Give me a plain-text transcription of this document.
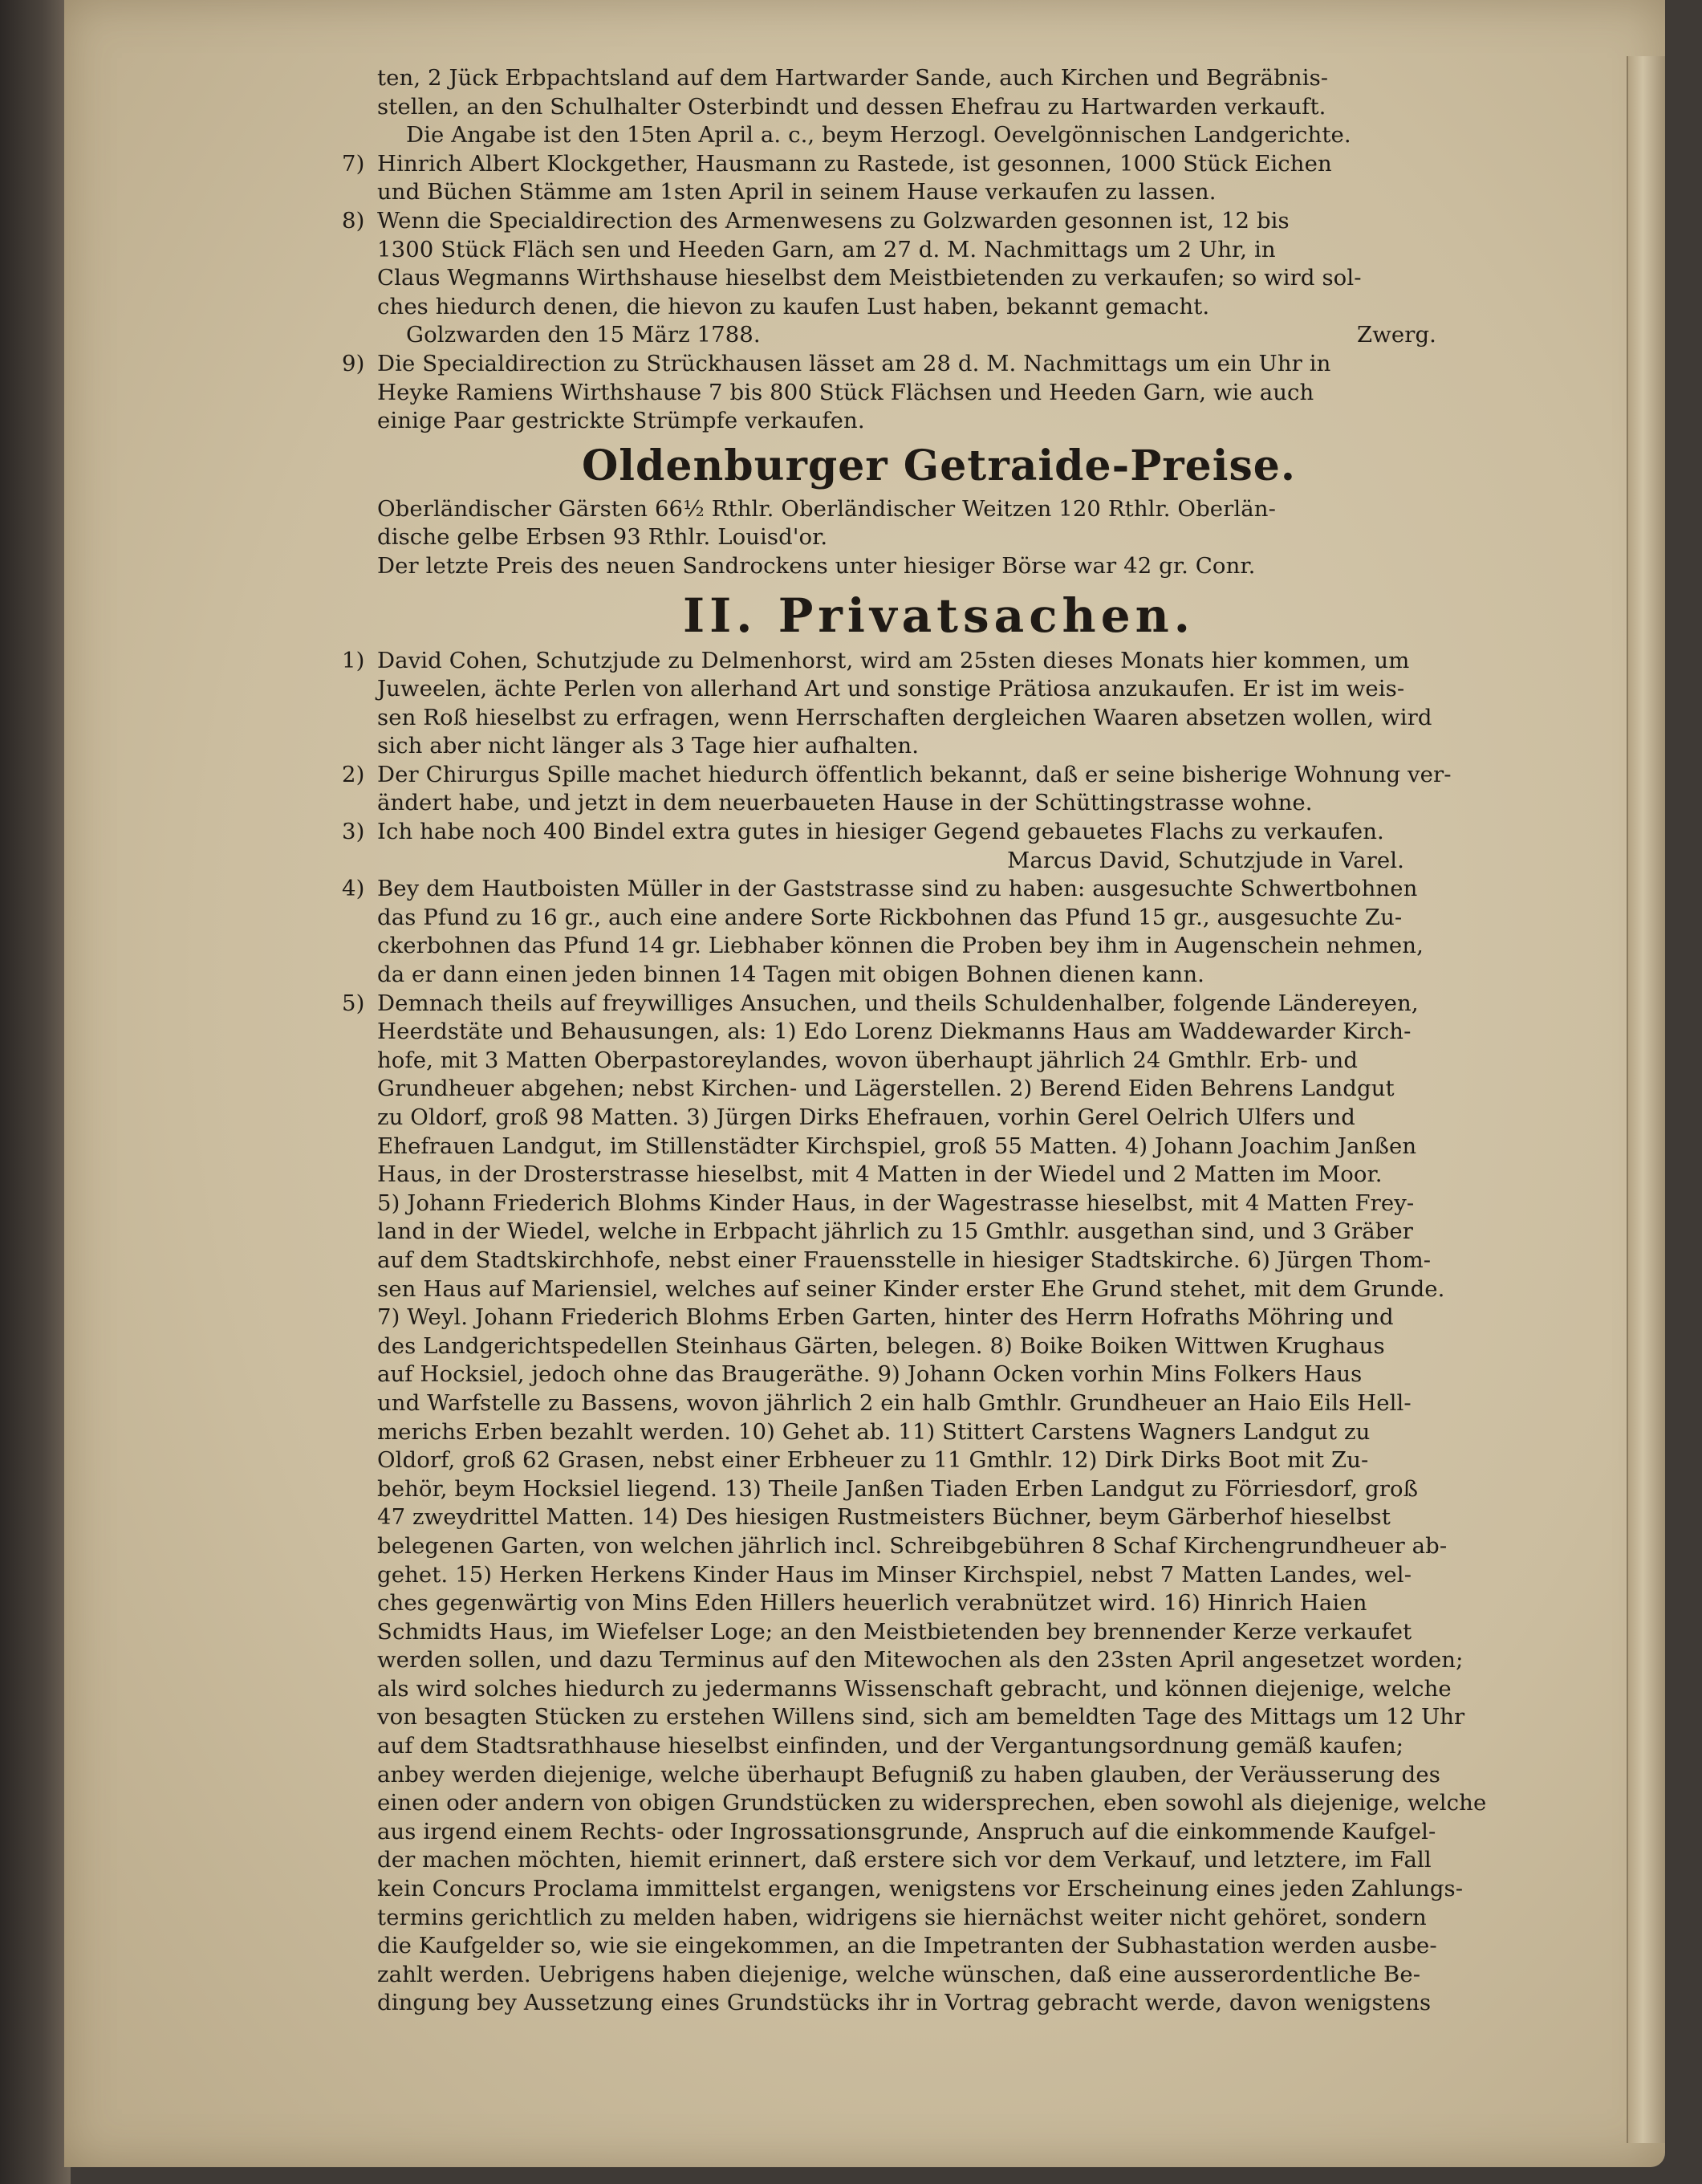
ten, 2 Jück Erbpachtsland auf dem Hartwarder Sande, auch Kirchen und Begräbnis-
stellen, an den Schulhalter Osterbindt und dessen Ehefrau zu Hartwarden verkauft.
Die Angabe ist den 15ten April a. c., beym Herzogl. Oevelgönnischen Landgerichte.
7) Hinrich Albert Klockgether, Hausmann zu Rastede, ist gesonnen, 1000 Stück Eichen
und Büchen Stämme am 1sten April in seinem Hause verkaufen zu lassen.
8) Wenn die Specialdirection des Armenwesens zu Golzwarden gesonnen ist, 12 bis
1300 Stück Fläch sen und Heeden Garn, am 27 d. M. Nachmittags um 2 Uhr, in
Claus Wegmanns Wirthshause hieselbst dem Meistbietenden zu verkaufen; so wird sol-
ches hiedurch denen, die hievon zu kaufen Lust haben, bekannt gemacht.
Golzwarden den 15 März 1788.	Zwerg.
9) Die Specialdirection zu Strückhausen lässet am 28 d. M. Nachmittags um ein Uhr in
Heyke Ramiens Wirthshause 7 bis 800 Stück Flächsen und Heeden Garn, wie auch
einige Paar gestrickte Strümpfe verkaufen.
Oldenburger Getraide-Preise.
Oberländischer Gärsten 66½ Rthlr. Oberländischer Weitzen 120 Rthlr. Oberlän-
dische gelbe Erbsen 93 Rthlr. Louisd'or.
Der letzte Preis des neuen Sandrockens unter hiesiger Börse war 42 gr. Conr.
II. Privatsachen.
1) David Cohen, Schutzjude zu Delmenhorst, wird am 25sten dieses Monats hier kommen, um
Juweelen, ächte Perlen von allerhand Art und sonstige Prätiosa anzukaufen. Er ist im weis-
sen Roß hieselbst zu erfragen, wenn Herrschaften dergleichen Waaren absetzen wollen, wird
sich aber nicht länger als 3 Tage hier aufhalten.
2) Der Chirurgus Spille machet hiedurch öffentlich bekannt, daß er seine bisherige Wohnung ver-
ändert habe, und jetzt in dem neuerbaueten Hause in der Schüttingstrasse wohne.
3) Ich habe noch 400 Bindel extra gutes in hiesiger Gegend gebauetes Flachs zu verkaufen.
Marcus David, Schutzjude in Varel.
4) Bey dem Hautboisten Müller in der Gaststrasse sind zu haben: ausgesuchte Schwertbohnen
das Pfund zu 16 gr., auch eine andere Sorte Rickbohnen das Pfund 15 gr., ausgesuchte Zu-
ckerbohnen das Pfund 14 gr. Liebhaber können die Proben bey ihm in Augenschein nehmen,
da er dann einen jeden binnen 14 Tagen mit obigen Bohnen dienen kann.
5) Demnach theils auf freywilliges Ansuchen, und theils Schuldenhalber, folgende Ländereyen,
Heerdstäte und Behausungen, als: 1) Edo Lorenz Diekmanns Haus am Waddewarder Kirch-
hofe, mit 3 Matten Oberpastoreylandes, wovon überhaupt jährlich 24 Gmthlr. Erb- und
Grundheuer abgehen; nebst Kirchen- und Lägerstellen. 2) Berend Eiden Behrens Landgut
zu Oldorf, groß 98 Matten. 3) Jürgen Dirks Ehefrauen, vorhin Gerel Oelrich Ulfers und
Ehefrauen Landgut, im Stillenstädter Kirchspiel, groß 55 Matten. 4) Johann Joachim Janßen
Haus, in der Drosterstrasse hieselbst, mit 4 Matten in der Wiedel und 2 Matten im Moor.
5) Johann Friederich Blohms Kinder Haus, in der Wagestrasse hieselbst, mit 4 Matten Frey-
land in der Wiedel, welche in Erbpacht jährlich zu 15 Gmthlr. ausgethan sind, und 3 Gräber
auf dem Stadtskirchhofe, nebst einer Frauensstelle in hiesiger Stadtskirche. 6) Jürgen Thom-
sen Haus auf Mariensiel, welches auf seiner Kinder erster Ehe Grund stehet, mit dem Grunde.
7) Weyl. Johann Friederich Blohms Erben Garten, hinter des Herrn Hofraths Möhring und
des Landgerichtspedellen Steinhaus Gärten, belegen. 8) Boike Boiken Wittwen Krughaus
auf Hocksiel, jedoch ohne das Braugeräthe. 9) Johann Ocken vorhin Mins Folkers Haus
und Warfstelle zu Bassens, wovon jährlich 2 ein halb Gmthlr. Grundheuer an Haio Eils Hell-
merichs Erben bezahlt werden. 10) Gehet ab. 11) Stittert Carstens Wagners Landgut zu
Oldorf, groß 62 Grasen, nebst einer Erbheuer zu 11 Gmthlr. 12) Dirk Dirks Boot mit Zu-
behör, beym Hocksiel liegend. 13) Theile Janßen Tiaden Erben Landgut zu Förriesdorf, groß
47 zweydrittel Matten. 14) Des hiesigen Rustmeisters Büchner, beym Gärberhof hieselbst
belegenen Garten, von welchen jährlich incl. Schreibgebühren 8 Schaf Kirchengrundheuer ab-
gehet. 15) Herken Herkens Kinder Haus im Minser Kirchspiel, nebst 7 Matten Landes, wel-
ches gegenwärtig von Mins Eden Hillers heuerlich verabnützet wird. 16) Hinrich Haien
Schmidts Haus, im Wiefelser Loge; an den Meistbietenden bey brennender Kerze verkaufet
werden sollen, und dazu Terminus auf den Mitewochen als den 23sten April angesetzet worden;
als wird solches hiedurch zu jedermanns Wissenschaft gebracht, und können diejenige, welche
von besagten Stücken zu erstehen Willens sind, sich am bemeldten Tage des Mittags um 12 Uhr
auf dem Stadtsrathhause hieselbst einfinden, und der Vergantungsordnung gemäß kaufen;
anbey werden diejenige, welche überhaupt Befugniß zu haben glauben, der Veräusserung des
einen oder andern von obigen Grundstücken zu widersprechen, eben sowohl als diejenige, welche
aus irgend einem Rechts- oder Ingrossationsgrunde, Anspruch auf die einkommende Kaufgel-
der machen möchten, hiemit erinnert, daß erstere sich vor dem Verkauf, und letztere, im Fall
kein Concurs Proclama immittelst ergangen, wenigstens vor Erscheinung eines jeden Zahlungs-
termins gerichtlich zu melden haben, widrigens sie hiernächst weiter nicht gehöret, sondern
die Kaufgelder so, wie sie eingekommen, an die Impetranten der Subhastation werden ausbe-
zahlt werden. Uebrigens haben diejenige, welche wünschen, daß eine ausserordentliche Be-
dingung bey Aussetzung eines Grundstücks ihr in Vortrag gebracht werde, davon wenigstens
